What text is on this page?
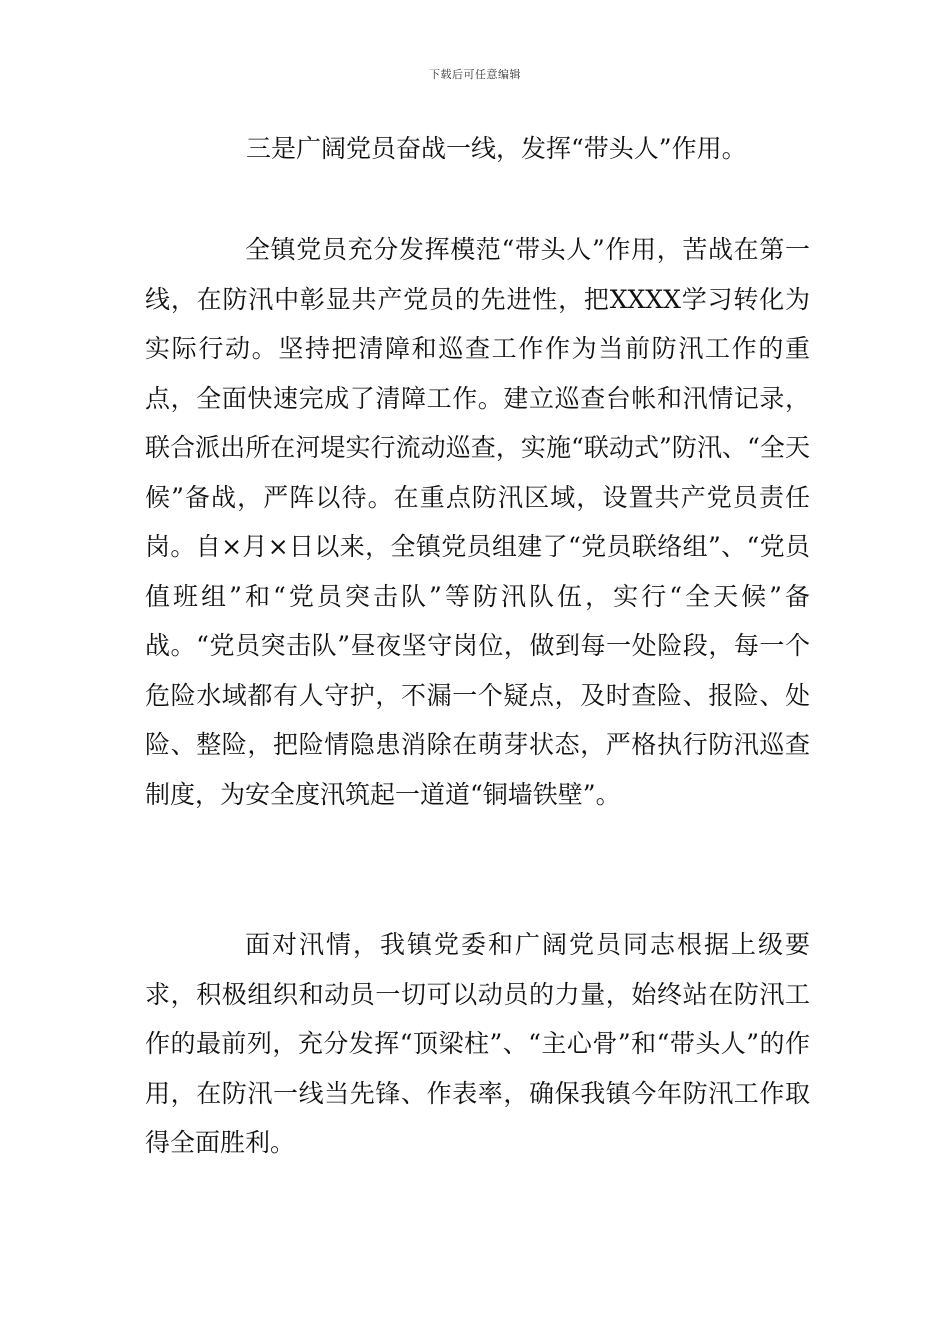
下载后可任意编辑
三是广阔党员奋战一线，发挥“带头人”作用。

全镇党员充分发挥模范“带头人”作用，苦战在第一线，在防汛中彰显共产党员的先进性，把XXXX学习转化为实际行动。坚持把清障和巡查工作作为当前防汛工作的重点，全面快速完成了清障工作。建立巡查台帐和汛情记录，联合派出所在河堤实行流动巡查，实施“联动式”防汛、“全天候”备战，严阵以待。在重点防汛区域，设置共产党员责任岗。自×月×日以来，全镇党员组建了“党员联络组”、“党员值班组”和“党员突击队”等防汛队伍，实行“全天候”备战。“党员突击队”昼夜坚守岗位，做到每一处险段，每一个危险水域都有人守护，不漏一个疑点，及时查险、报险、处险、整险，把险情隐患消除在萌芽状态，严格执行防汛巡查制度，为安全度汛筑起一道道“铜墙铁壁”。

面对汛情，我镇党委和广阔党员同志根据上级要求，积极组织和动员一切可以动员的力量，始终站在防汛工作的最前列，充分发挥“顶梁柱”、“主心骨”和“带头人”的作用，在防汛一线当先锋、作表率，确保我镇今年防汛工作取得全面胜利。
